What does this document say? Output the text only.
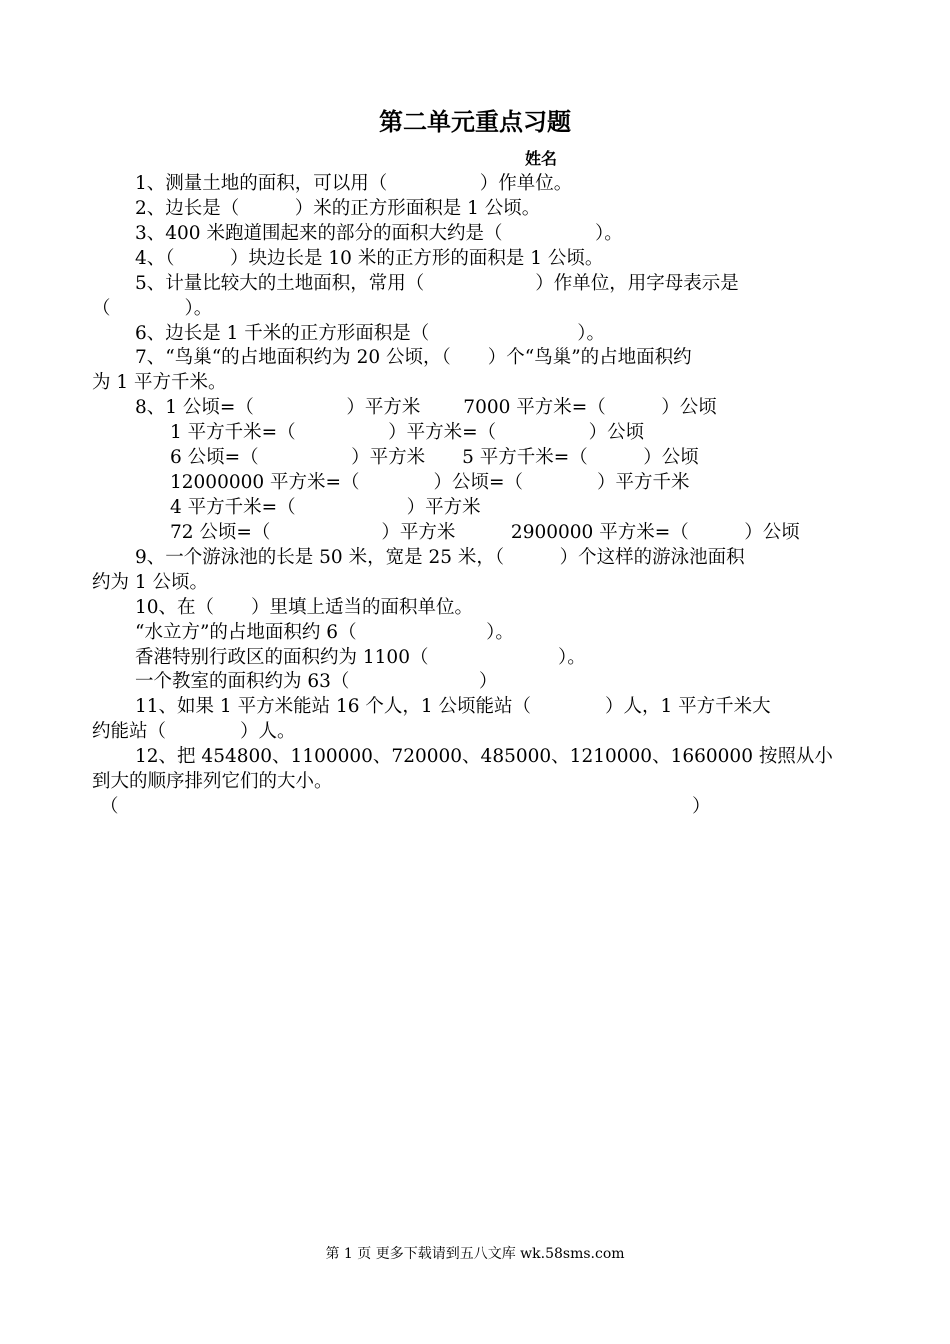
第二单元重点习题
姓名
1、测量土地的面积，可以用（　　　　　）作单位。
2、边长是（　　　）米的正方形面积是 1 公顷。
3、400 米跑道围起来的部分的面积大约是（　　　　　）。
4、（　　　）块边长是 10 米的正方形的面积是 1 公顷。
5、计量比较大的土地面积，常用（　　　　　　）作单位，用字母表示是
（　　　　）。
6、边长是 1 千米的正方形面积是（　　　　　　　　）。
7、“鸟巢“的占地面积约为 20 公顷，（　　）个“鸟巢”的占地面积约
为 1 平方千米。
8、1 公顷=（　　　　　）平方米　　 7000 平方米=（　　　）公顷
1 平方千米=（　　　　　）平方米=（　　　　　）公顷
6 公顷=（　　　　　）平方米　　5 平方千米=（　　　）公顷
12000000 平方米=（　　　　）公顷=（　　　　）平方千米
4 平方千米=（　　　　　　）平方米
72 公顷=（　　　　　　）平方米　　　2900000 平方米=（　　　）公顷
9、一个游泳池的长是 50 米，宽是 25 米，（　　　）个这样的游泳池面积
约为 1 公顷。
10、在（　　）里填上适当的面积单位。
“水立方”的占地面积约 6（　　　　　　　）。
香港特别行政区的面积约为 1100（　　　　　　　）。
一个教室的面积约为 63（　　　　　　　）
11、如果 1 平方米能站 16 个人，1 公顷能站（　　　　）人，1 平方千米大
约能站（　　　　）人。
12、把 454800、1100000、720000、485000、1210000、1660000 按照从小
到大的顺序排列它们的大小。
（　　　　　　　　　　　　　　　　　　　　　　　　　　　　　　　）
第 1 页 更多下载请到五八文库 wk.58sms.com
